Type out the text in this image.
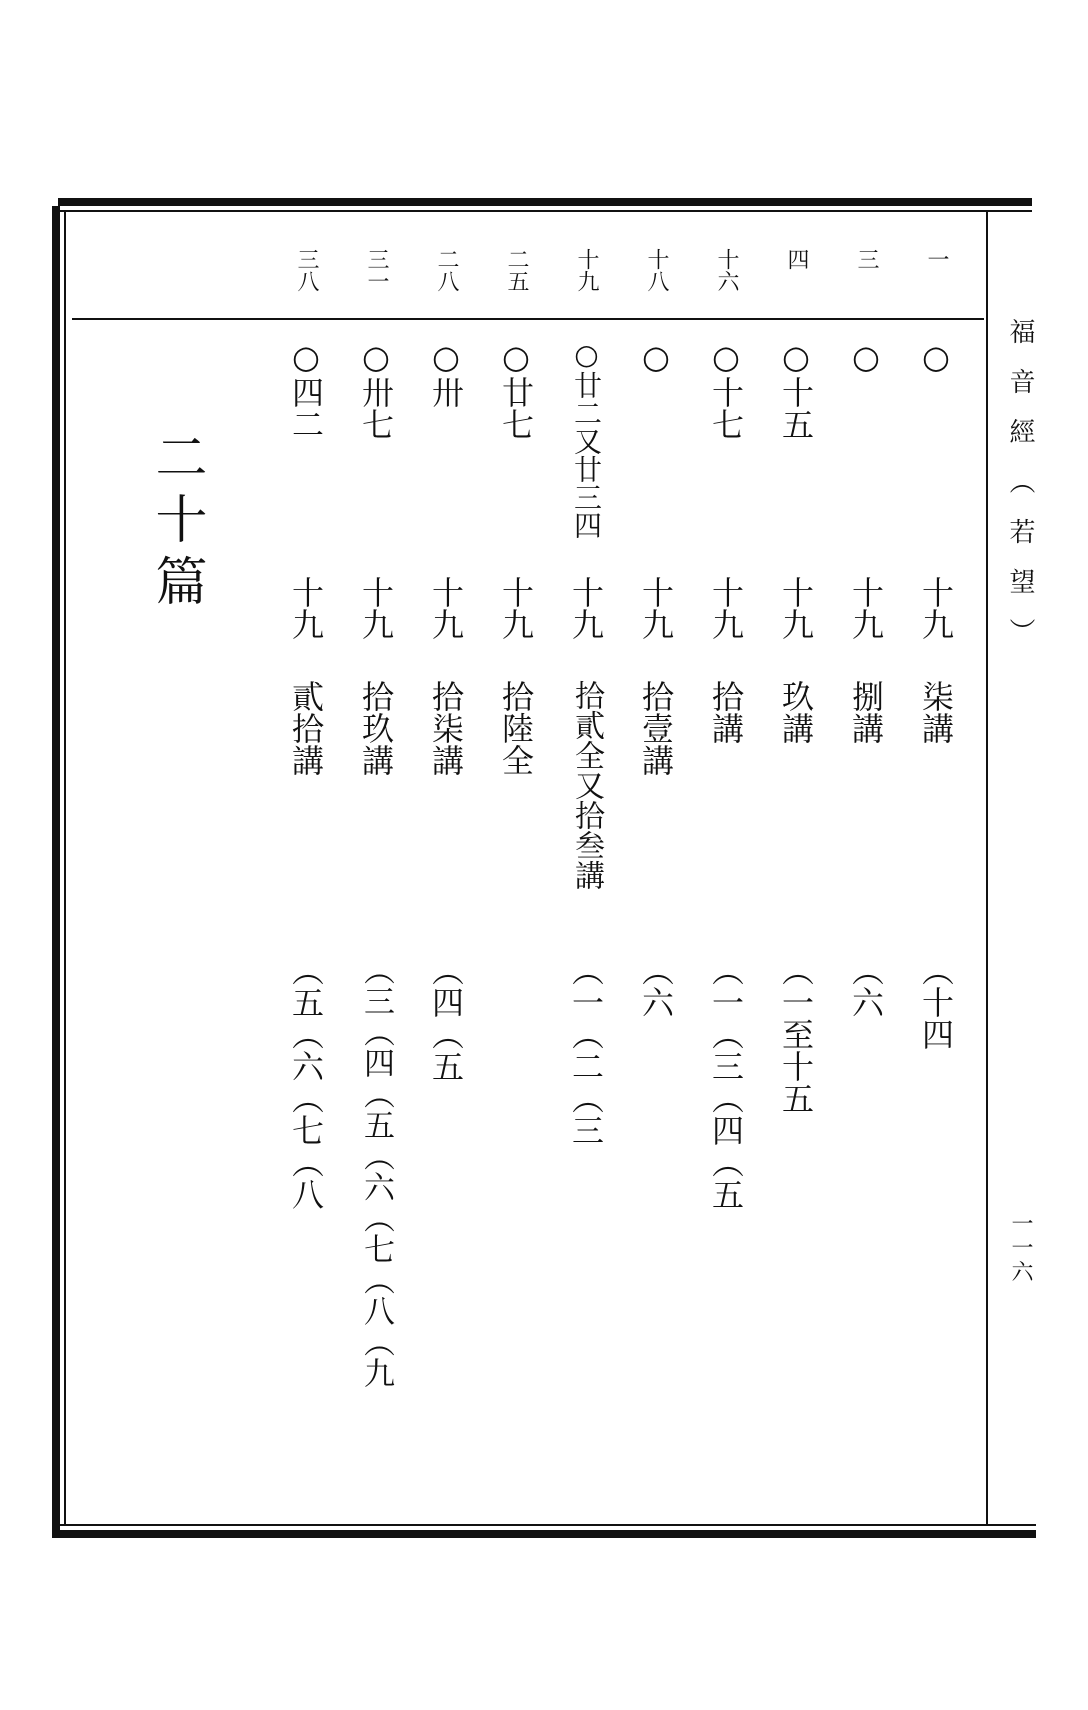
福音經（若望）
一一六
一
○
十九
柒講
（十四
三
○
十九
捌講
（六
四
○十五
十九
玖講
（一至十五
十六
○十七
十九
拾講
（一（三（四（五
十八
○
十九
拾壹講
（六
十九
○廿二又廿三四
十九
拾貳全又拾叁講
（一（二（三
二五
○廿七
十九
拾陸全
二八
○卅
十九
拾柒講
（四（五
三一
○卅七
十九
拾玖講
（三（四（五（六（七（八（九
三八
○四二
十九
貳拾講
（五（六（七（八
二十篇
